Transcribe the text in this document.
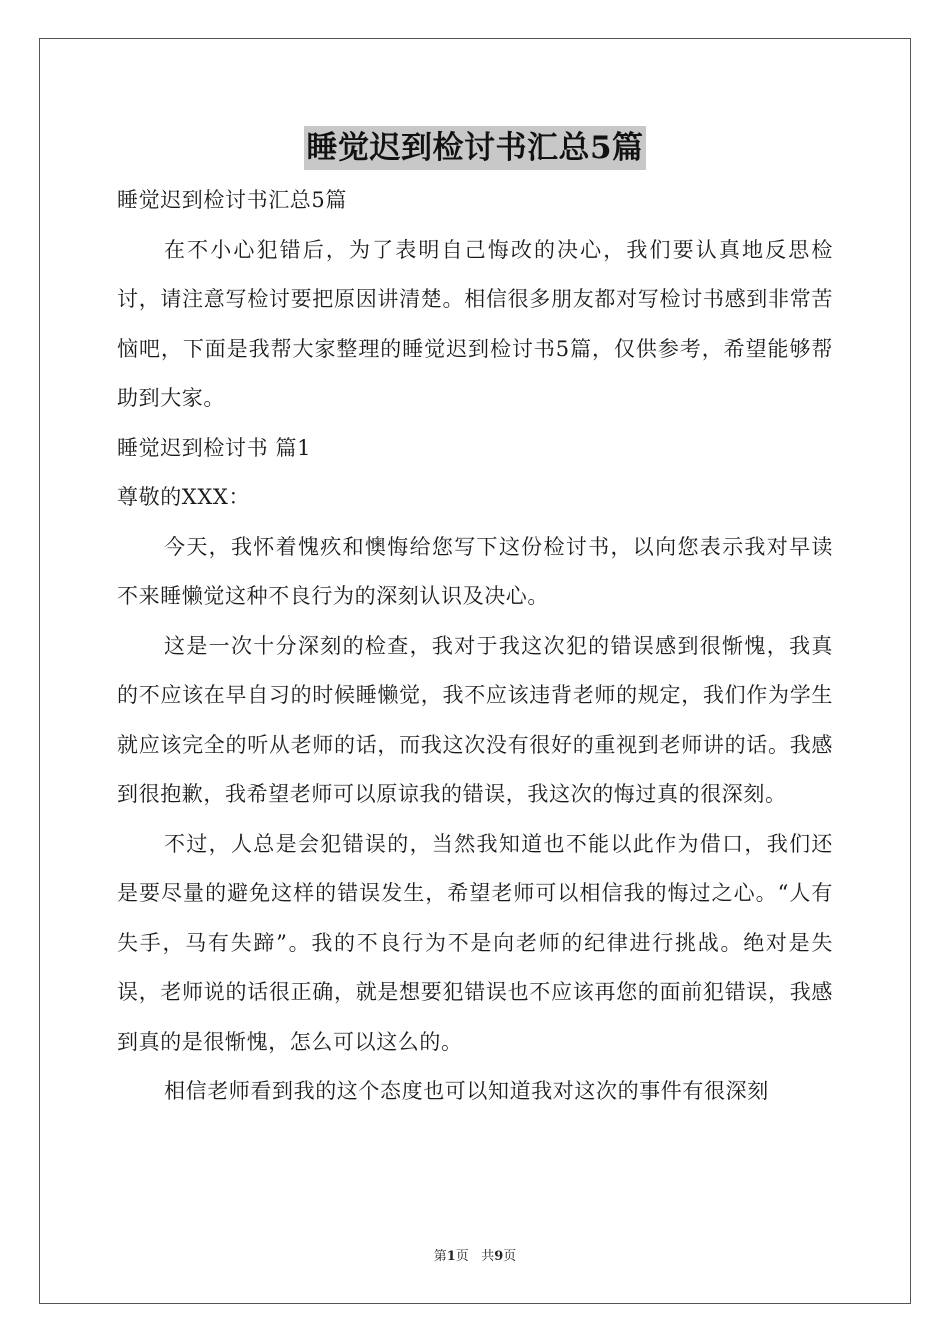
睡觉迟到检讨书汇总5篇

睡觉迟到检讨书汇总5篇

在不小心犯错后，为了表明自己悔改的决心，我们要认真地反思检讨，请注意写检讨要把原因讲清楚。相信很多朋友都对写检讨书感到非常苦恼吧，下面是我帮大家整理的睡觉迟到检讨书5篇，仅供参考，希望能够帮助到大家。

睡觉迟到检讨书 篇1

尊敬的XXX：

今天，我怀着愧疚和懊悔给您写下这份检讨书，以向您表示我对早读不来睡懒觉这种不良行为的深刻认识及决心。

这是一次十分深刻的检查，我对于我这次犯的错误感到很惭愧，我真的不应该在早自习的时候睡懒觉，我不应该违背老师的规定，我们作为学生就应该完全的听从老师的话，而我这次没有很好的重视到老师讲的话。我感到很抱歉，我希望老师可以原谅我的错误，我这次的悔过真的很深刻。

不过，人总是会犯错误的，当然我知道也不能以此作为借口，我们还是要尽量的避免这样的错误发生，希望老师可以相信我的悔过之心。“人有失手，马有失蹄”。我的不良行为不是向老师的纪律进行挑战。绝对是失误，老师说的话很正确，就是想要犯错误也不应该再您的面前犯错误，我感到真的是很惭愧，怎么可以这么的。

相信老师看到我的这个态度也可以知道我对这次的事件有很深刻

第1页 共9页
